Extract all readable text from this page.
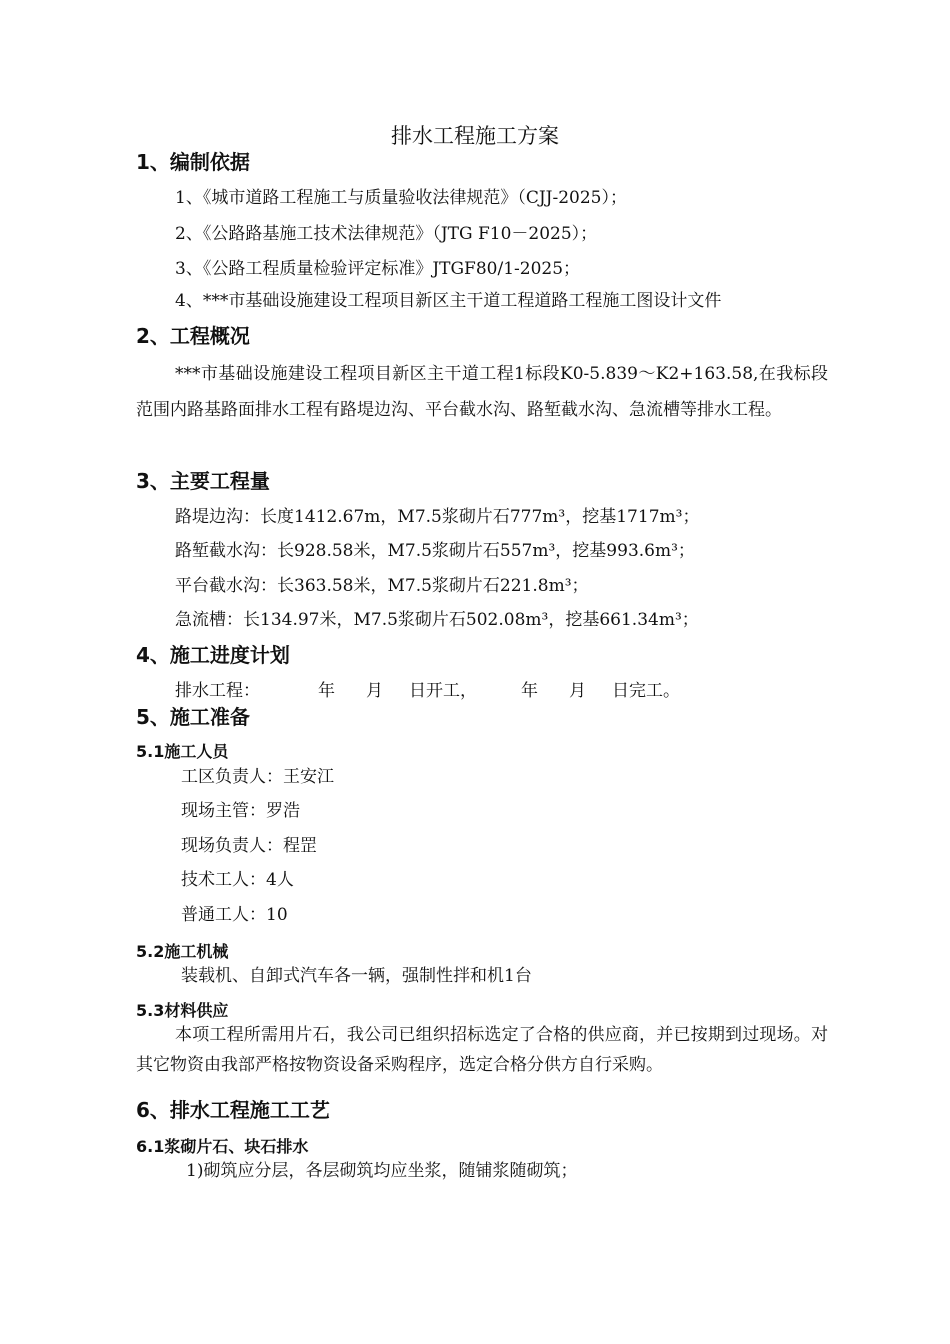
排水工程施工方案
1、编制依据
1、《城市道路工程施工与质量验收法律规范》（CJJ-2025）；
2、《公路路基施工技术法律规范》（JTG F10－2025）；
3、《公路工程质量检验评定标准》JTGF80/1-2025；
4、***市基础设施建设工程项目新区主干道工程道路工程施工图设计文件
2、工程概况
***市基础设施建设工程项目新区主干道工程1标段K0-5.839～K2+163.58,在我标段范围内路基路面排水工程有路堤边沟、平台截水沟、路堑截水沟、急流槽等排水工程。
3、主要工程量
路堤边沟：长度1412.67m，M7.5浆砌片石777m³，挖基1717m³；
路堑截水沟：长928.58米，M7.5浆砌片石557m³，挖基993.6m³；
平台截水沟：长363.58米，M7.5浆砌片石221.8m³；
急流槽：长134.97米，M7.5浆砌片石502.08m³，挖基661.34m³；
4、施工进度计划
排水工程：	年 月 日开工，	年 月 日完工。
5、施工准备
5.1施工人员
工区负责人：王安江
现场主管：罗浩
现场负责人：程罡
技术工人：4人
普通工人：10
5.2施工机械
装载机、自卸式汽车各一辆，强制性拌和机1台
5.3材料供应
本项工程所需用片石，我公司已组织招标选定了合格的供应商，并已按期到过现场。对其它物资由我部严格按物资设备采购程序，选定合格分供方自行采购。
6、排水工程施工工艺
6.1浆砌片石、块石排水
1)砌筑应分层，各层砌筑均应坐浆，随铺浆随砌筑；
